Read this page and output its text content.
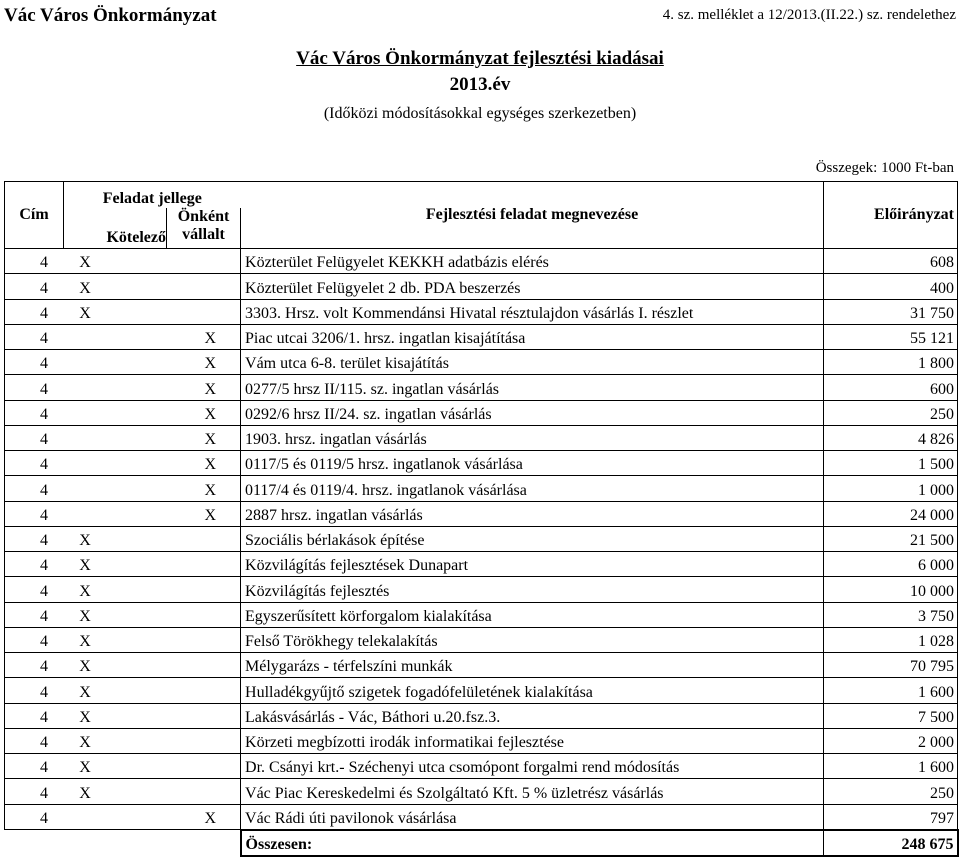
Vác Város Önkormányzat	4. sz. melléklet a 12/2013.(II.22.) sz. rendelethez
Vác Város Önkormányzat fejlesztési kiadásai
2013.év
(Időközi módosításokkal egységes szerkezetben)
Összegek: 1000 Ft-ban
Cím	Feladat jellege		Fejlesztési feladat megnevezése	Előirányzat
	Kötelező	Önként
vállalt		

4	X		Közterület Felügyelet KEKKH adatbázis elérés	608
4	X		Közterület Felügyelet 2 db. PDA beszerzés	400
4	X		3303. Hrsz. volt Kommendánsi Hivatal résztulajdon vásárlás I. részlet	31 750
4		X	Piac utcai 3206/1. hrsz. ingatlan kisajátítása	55 121
4		X	Vám utca 6-8. terület kisajátítás	1 800
4		X	0277/5 hrsz II/115. sz. ingatlan vásárlás	600
4		X	0292/6 hrsz II/24. sz. ingatlan vásárlás	250
4		X	1903. hrsz. ingatlan vásárlás	4 826
4		X	0117/5 és 0119/5 hrsz. ingatlanok vásárlása	1 500
4		X	0117/4 és 0119/4. hrsz. ingatlanok vásárlása	1 000
4		X	2887 hrsz. ingatlan vásárlás	24 000
4	X		Szociális bérlakások építése	21 500
4	X		Közvilágítás fejlesztések Dunapart	6 000
4	X		Közvilágítás fejlesztés	10 000
4	X		Egyszerűsített körforgalom kialakítása	3 750
4	X		Felső Törökhegy telekalakítás	1 028
4	X		Mélygarázs - térfelszíni munkák	70 795
4	X		Hulladékgyűjtő szigetek fogadófelületének kialakítása	1 600
4	X		Lakásvásárlás - Vác, Báthori u.20.fsz.3.	7 500
4	X		Körzeti megbízotti irodák informatikai fejlesztése	2 000
4	X		Dr. Csányi krt.- Széchenyi utca csomópont forgalmi rend módosítás	1 600
4	X		Vác Piac Kereskedelmi és Szolgáltató Kft. 5 % üzletrész vásárlás	250
4		X	Vác Rádi úti pavilonok vásárlása	797
			Összesen:	248 675
